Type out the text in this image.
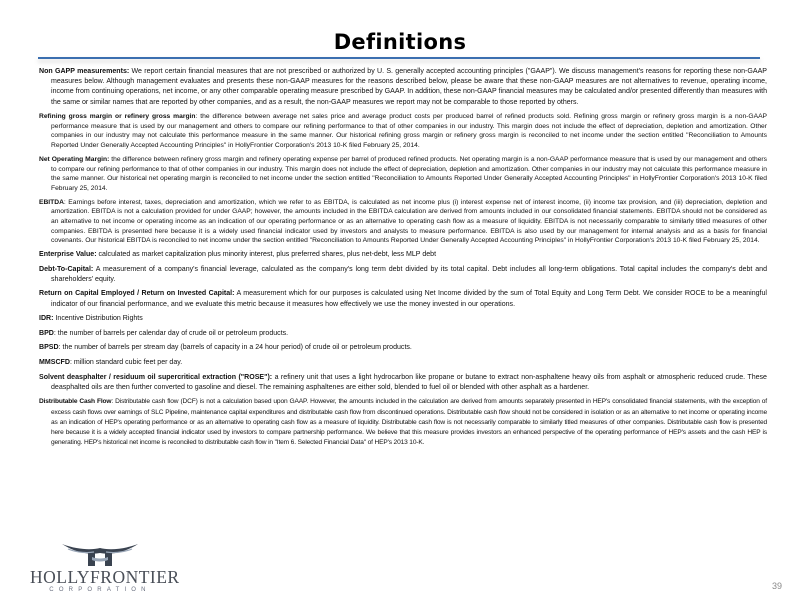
Definitions

Non GAPP measurements: We report certain financial measures that are not prescribed or authorized by U. S. generally accepted accounting principles ("GAAP"). We discuss management's reasons for reporting these non-GAAP measures below. Although management evaluates and presents these non-GAAP measures for the reasons described below, please be aware that these non-GAAP measures are not alternatives to revenue, operating income, income from continuing operations, net income, or any other comparable operating measure prescribed by GAAP. In addition, these non-GAAP financial measures may be calculated and/or presented differently than measures with the same or similar names that are reported by other companies, and as a result, the non-GAAP measures we report may not be comparable to those reported by others.

Refining gross margin or refinery gross margin: the difference between average net sales price and average product costs per produced barrel of refined products sold. Refining gross margin or refinery gross margin is a non-GAAP performance measure that is used by our management and others to compare our refining performance to that of other companies in our industry. This margin does not include the effect of depreciation, depletion and amortization. Other companies in our industry may not calculate this performance measure in the same manner. Our historical refining gross margin or refinery gross margin is reconciled to net income under the section entitled "Reconciliation to Amounts Reported Under Generally Accepted Accounting Principles" in HollyFrontier Corporation's 2013 10-K filed February 25, 2014.

Net Operating Margin: the difference between refinery gross margin and refinery operating expense per barrel of produced refined products. Net operating margin is a non-GAAP performance measure that is used by our management and others to compare our refining performance to that of other companies in our industry. This margin does not include the effect of depreciation, depletion and amortization. Other companies in our industry may not calculate this performance measure in the same manner. Our historical net operating margin is reconciled to net income under the section entitled "Reconciliation to Amounts Reported Under Generally Accepted Accounting Principles" in HollyFrontier Corporation's 2013 10-K filed February 25, 2014.

EBITDA: Earnings before interest, taxes, depreciation and amortization, which we refer to as EBITDA, is calculated as net income plus (i) interest expense net of interest income, (ii) income tax provision, and (iii) depreciation, depletion and amortization. EBITDA is not a calculation provided for under GAAP; however, the amounts included in the EBITDA calculation are derived from amounts included in our consolidated financial statements. EBITDA should not be considered as an alternative to net income or operating income as an indication of our operating performance or as an alternative to operating cash flow as a measure of liquidity. EBITDA is not necessarily comparable to similarly titled measures of other companies. EBITDA is presented here because it is a widely used financial indicator used by investors and analysts to measure performance. EBITDA is also used by our management for internal analysis and as a basis for financial covenants. Our historical EBITDA is reconciled to net income under the section entitled "Reconciliation to Amounts Reported Under Generally Accepted Accounting Principles" in HollyFrontier Corporation's 2013 10-K filed February 25, 2014.

Enterprise Value: calculated as market capitalization plus minority interest, plus preferred shares, plus net-debt, less MLP debt

Debt-To-Capital: A measurement of a company's financial leverage, calculated as the company's long term debt divided by its total capital. Debt includes all long-term obligations. Total capital includes the company's debt and shareholders' equity.

Return on Capital Employed / Return on Invested Capital: A measurement which for our purposes is calculated using Net Income divided by the sum of Total Equity and Long Term Debt. We consider ROCE to be a meaningful indicator of our financial performance, and we evaluate this metric because it measures how effectively we use the money invested in our operations.

IDR: Incentive Distribution Rights

BPD: the number of barrels per calendar day of crude oil or petroleum products.

BPSD: the number of barrels per stream day (barrels of capacity in a 24 hour period) of crude oil or petroleum products.

MMSCFD: million standard cubic feet per day.

Solvent deasphalter / residuum oil supercritical extraction ("ROSE"): a refinery unit that uses a light hydrocarbon like propane or butane to extract non-asphaltene heavy oils from asphalt or atmospheric reduced crude. These deasphalted oils are then further converted to gasoline and diesel. The remaining asphaltenes are either sold, blended to fuel oil or blended with other asphalt as a hardener.

Distributable Cash Flow: Distributable cash flow (DCF) is not a calculation based upon GAAP. However, the amounts included in the calculation are derived from amounts separately presented in HEP's consolidated financial statements, with the exception of excess cash flows over earnings of SLC Pipeline, maintenance capital expenditures and distributable cash flow from discontinued operations. Distributable cash flow should not be considered in isolation or as an alternative to net income or operating income as an indication of HEP's operating performance or as an alternative to operating cash flow as a measure of liquidity. Distributable cash flow is not necessarily comparable to similarly titled measures of other companies. Distributable cash flow is presented here because it is a widely accepted financial indicator used by investors to compare partnership performance. We believe that this measure provides investors an enhanced perspective of the operating performance of HEP's assets and the cash HEP is generating. HEP's historical net income is reconciled to distributable cash flow in "Item 6. Selected Financial Data" of HEP's 2013 10-K.

HOLLYFRONTIER
CORPORATION	39
